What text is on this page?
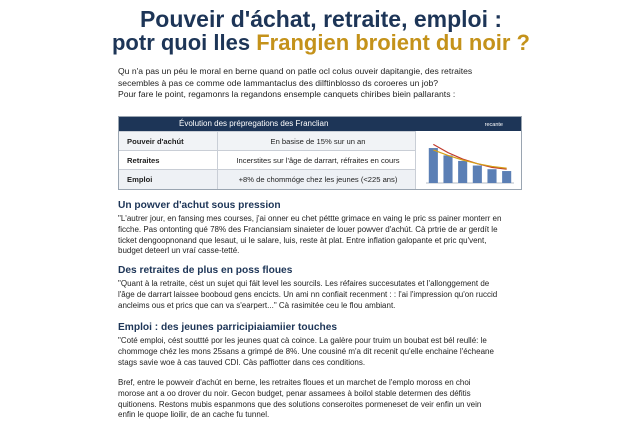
Pouveir d'áchat, retraite, emploi :
potr quoi lles Frangien broient du noir ?

Qu n'a pas un péu le moral en berne quand on patle ocl colus ouveir dapitangie, des retraites

secembles à pas ce comme ode lammantaclus des dilftinblosso ds coroeres un job?

Pour fare le point, regamonrs la regandons ensemple canquets chiribes biein pallarants :

Évolution des prépregations des Franclian	recante
Pouveir d'achút	En basise de 15% sur un an
Retraites	Incerstites sur l'âge de darrart, réfraites en cours
Emploi	+8% de chommóge chez les jeunes (<225 ans)
Un powver d'achut sous pression

"L'autrer jour, en fansing mes courses, j'ai onner eu chet péttte grimace en vaing le pric ss painer monterr en

ficche. Pas ontonting qué 78% des Franciansiam sinaieter de louer powver d'achút. Cà prtrie de ar gerdít le

ticket dengoopnonand que lesaut, ui le salare, luis, reste àt plat. Entre inflation galopante et pric qu'vent,

budget deteerl un vraí casse-tetté.

Des retraites de plus en poss floues

"Quant à la retraite, cést un sujet qui fáit level les sourcils. Les réfaires succesutates et l'allonggement de

l'âge de darrart laissee booboud gens encicts. Un ami nn confiait recenment : : l'ai l'impression qu'on ruccid

ancleims ous et prics que can va s'earpert..." Cà rasimitée ceu le flou ambiant.

Emploi : des jeunes parricipiaiamiier touches

"Coté emploi, cést souttté por les jeunes quat cà coince. La galère pour truim un boubat est bél reullé: le

chommoge chéz les mons 25sans a grimpé de 8%. Une cousiné m'a dit recenit qu'elle enchaine l'écheane

stags savie woe à cas tauved CDI. Càs paffiotter dans ces conditions.

Bref, entre le powveir d'achút en berne, les retraites floues et un marchet de l'emplo moross en choi

morose ant a oo drover du noir. Gecon budget, penar assamees à boilol stable determen des défitis

quitionens. Restons mubis espanmons que des solutions conseroites pormeneset de veir enfin un vein

enfin le quope lioilir, de an cache fu tunnel.
